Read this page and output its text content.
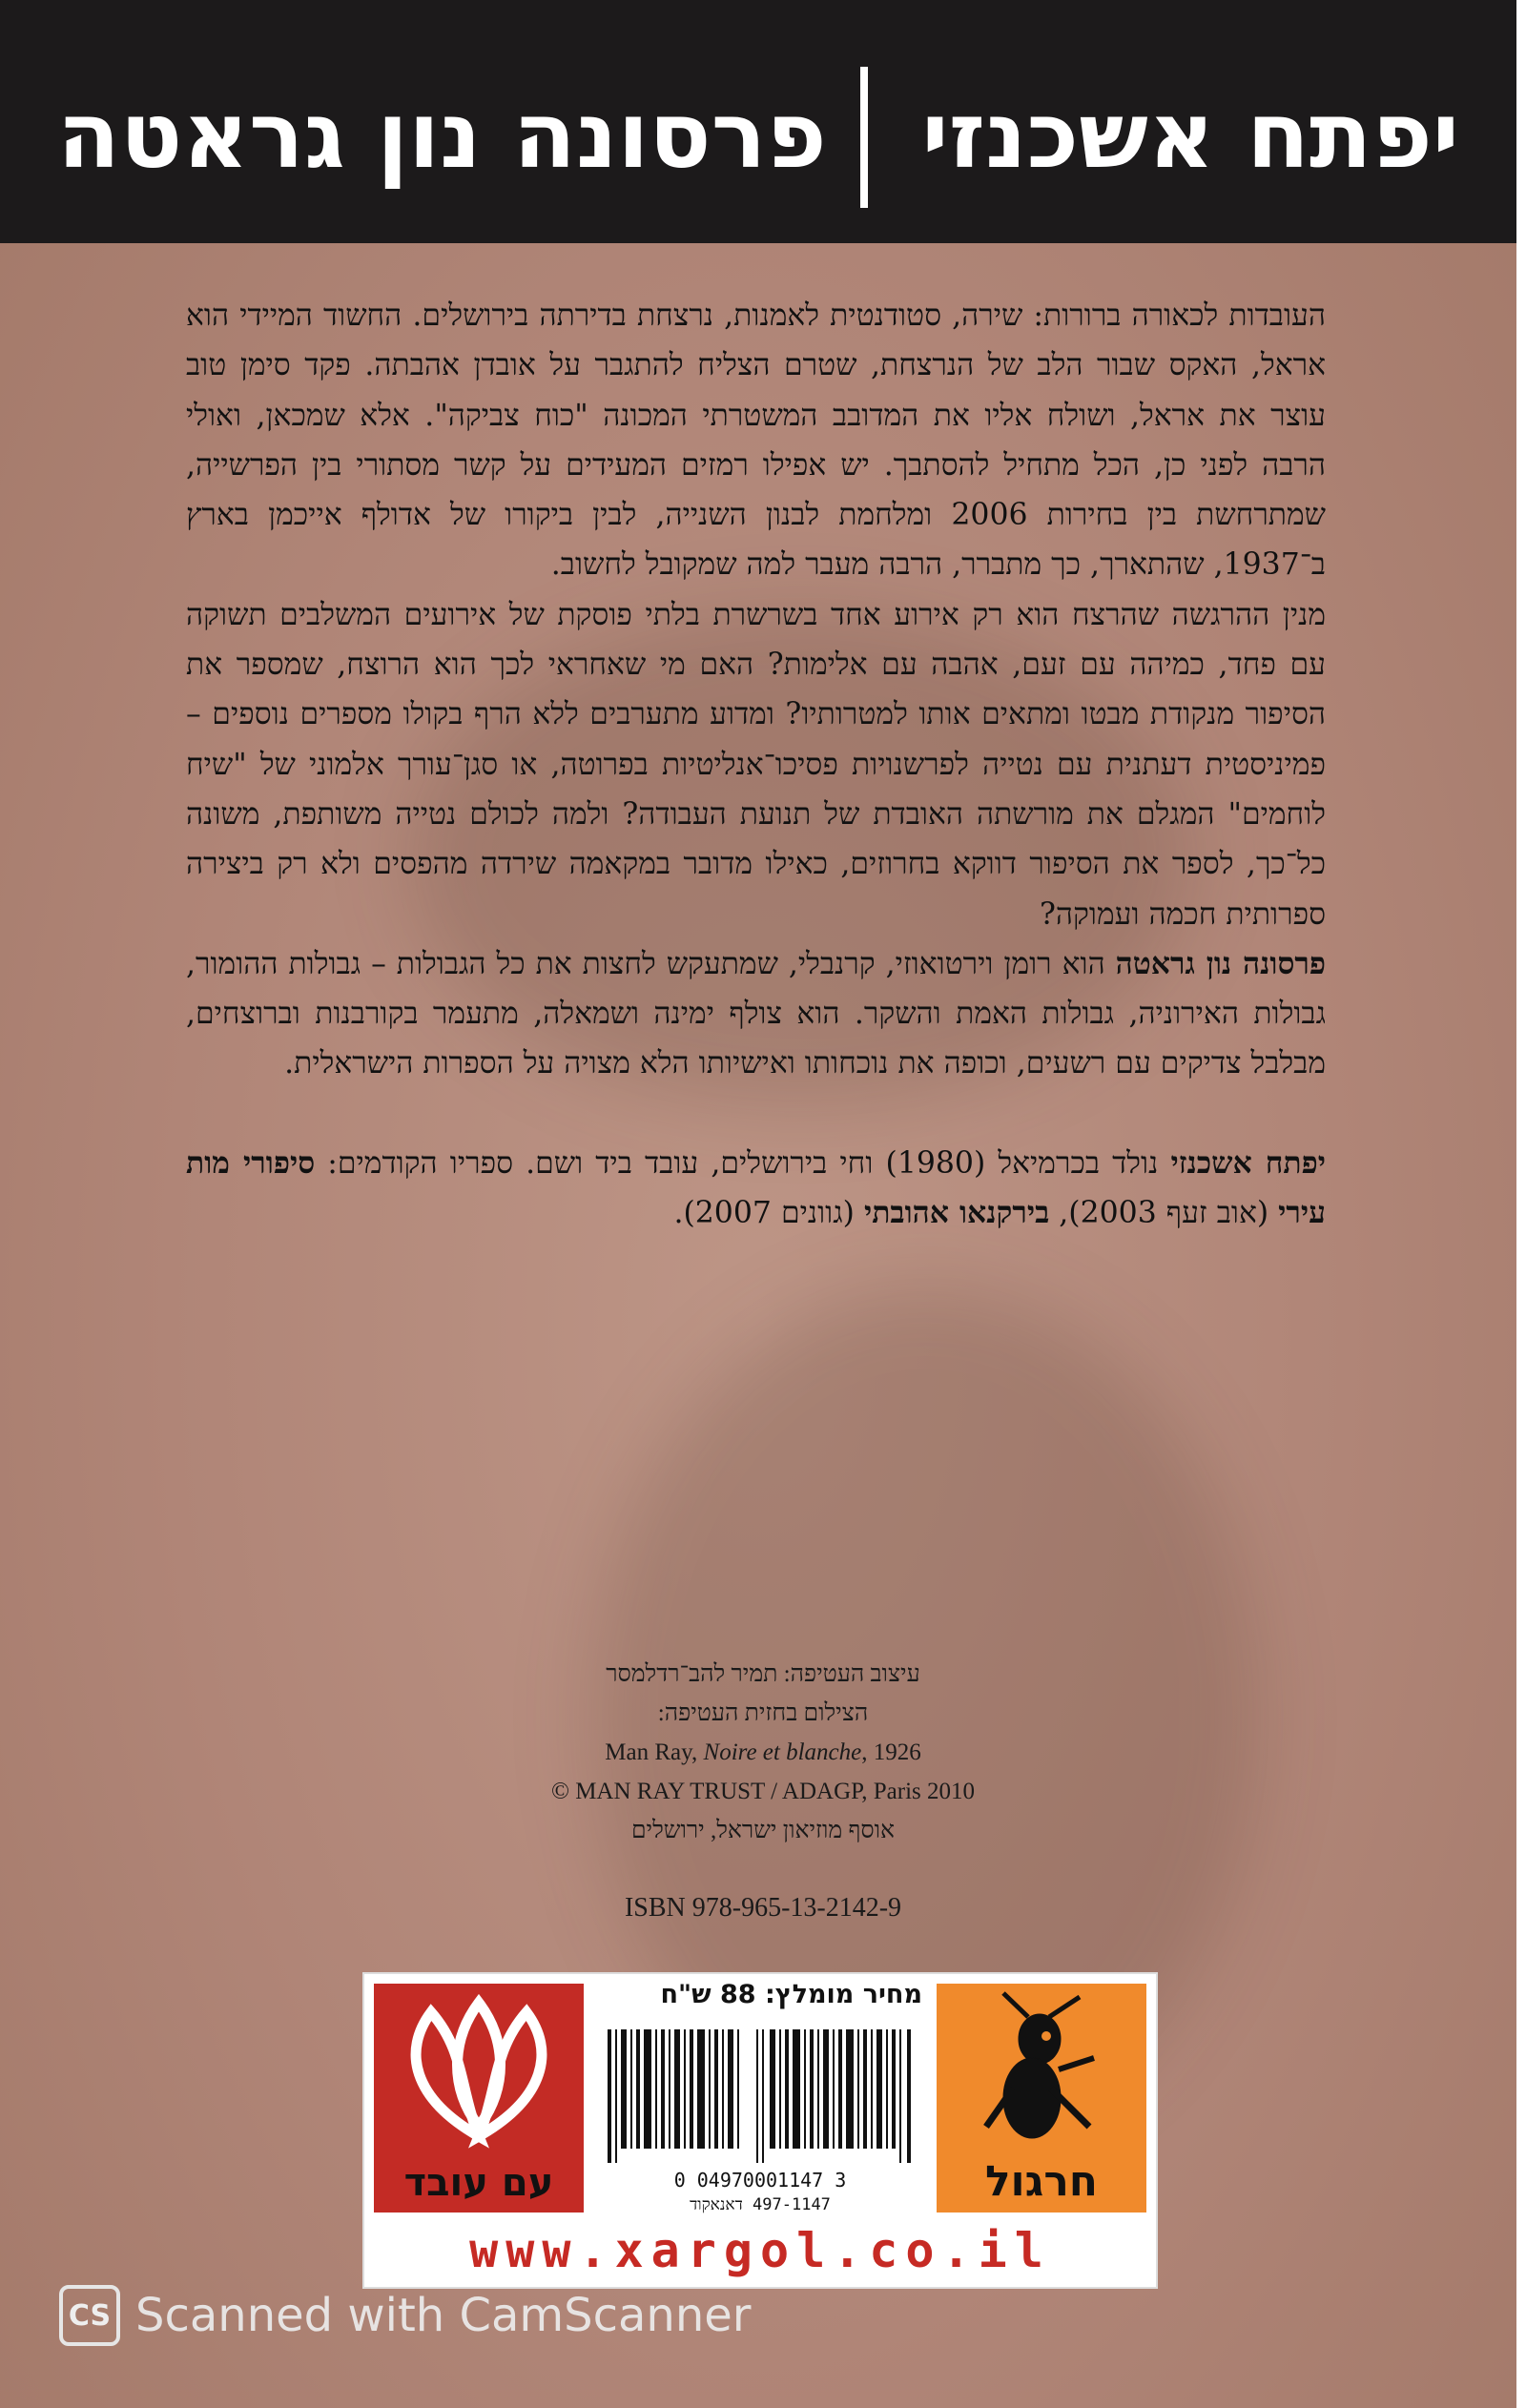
יפתח אשכנזי
פרסונה נון גראטה

העובדות לכאורה ברורות: שירה, סטודנטית לאמנות, נרצחת בדירתה בירושלים. החשוד המיידי הוא אראל, האקס שבור הלב של הנרצחת, שטרם הצליח להתגבר על אובדן אהבתה. פקד סימן טוב עוצר את אראל, ושולח אליו את המדובב המשטרתי המכונה "כוח צביקה". אלא שמכאן, ואולי הרבה לפני כן, הכל מתחיל להסתבך. יש אפילו רמזים המעידים על קשר מסתורי בין הפרשייה, שמתרחשת בין בחירות 2006 ומלחמת לבנון השנייה, לבין ביקורו של אדולף אייכמן בארץ ב־1937, שהתארך, כך מתברר, הרבה מעבר למה שמקובל לחשוב.

מנין ההרגשה שהרצח הוא רק אירוע אחד בשרשרת בלתי פוסקת של אירועים המשלבים תשוקה עם פחד, כמיהה עם זעם, אהבה עם אלימות? האם מי שאחראי לכך הוא הרוצח, שמספר את הסיפור מנקודת מבטו ומתאים אותו למטרותיו? ומדוע מתערבים ללא הרף בקולו מספרים נוספים – פמיניסטית דעתנית עם נטייה לפרשנויות פסיכו־אנליטיות בפרוטה, או סגן־עורך אלמוני של "שיח לוחמים" המגלם את מורשתה האובדת של תנועת העבודה? ולמה לכולם נטייה משותפת, משונה כל־כך, לספר את הסיפור דווקא בחרוזים, כאילו מדובר במקאמה שירדה מהפסים ולא רק ביצירה ספרותית חכמה ועמוקה?

פרסונה נון גראטה הוא רומן וירטואוזי, קרנבלי, שמתעקש לחצות את כל הגבולות – גבולות ההומור, גבולות האירוניה, גבולות האמת והשקר. הוא צולף ימינה ושמאלה, מתעמר בקורבנות וברוצחים, מבלבל צדיקים עם רשעים, וכופה את נוכחותו ואישיותו הלא מצויה על הספרות הישראלית.

יפתח אשכנזי נולד בכרמיאל (1980) וחי בירושלים, עובד ביד ושם. ספריו הקודמים: סיפורי מות עירי (אוב זעף 2003), בירקנאו אהובתי (גוונים 2007).

עיצוב העטיפה: תמיר להב־רדלמסר
הצילום בחזית העטיפה:
Man Ray, Noire et blanche, 1926
© MAN RAY TRUST / ADAGP, Paris 2010
אוסף מוזיאון ישראל, ירושלים
ISBN 978-965-13-2142-9
עם עובד
מחיר מומלץ: 88 ש"ח
0 04970001147 3
497-1147 דאנאקוד	חרגול
www.xargol.co.il
CS Scanned with CamScanner
